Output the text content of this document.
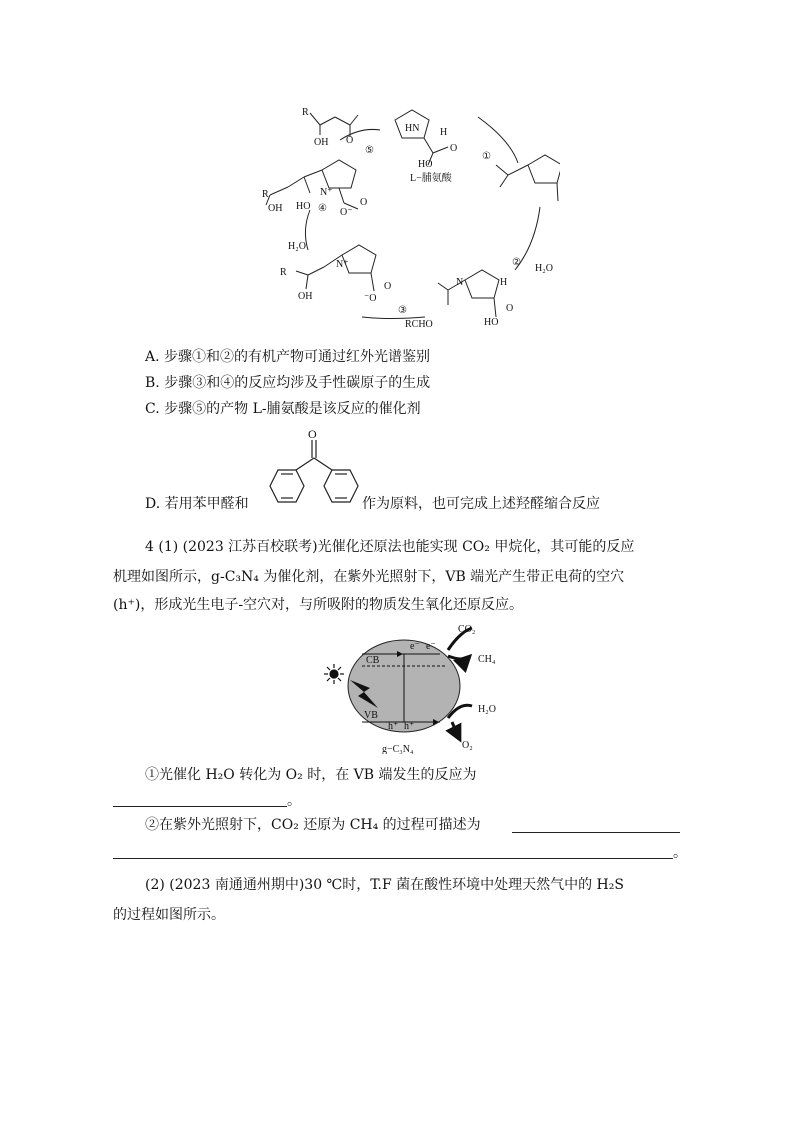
HN H
HO
O
L−脯氨酸
R
OH O
⑤
①
②
H₂O
③
RCHO
④
H₂O
R
OH HO
N⁺
O⁻
O
R
OH
N⁺
⁻O
O	N	H
HO
O
A. 步骤①和②的有机产物可通过红外光谱鉴别
B. 步骤③和④的反应均涉及手性碳原子的生成
C. 步骤⑤的产物 L-脯氨酸是该反应的催化剂
D. 若用苯甲醛和
O
作为原料，也可完成上述羟醛缩合反应
4 (1) (2023 江苏百校联考)光催化还原法也能实现 CO₂ 甲烷化，其可能的反应
机理如图所示，g-C₃N₄ 为催化剂，在紫外光照射下，VB 端光产生带正电荷的空穴
(h⁺)，形成光生电子-空穴对，与所吸附的物质发生氧化还原反应。
e⁻ e⁻
CB
VB
h⁺ h⁺
CO₂
CH₄
H₂O
O₂
g−C₃N₄
①光催化 H₂O 转化为 O₂ 时，在 VB 端发生的反应为
。
②在紫外光照射下，CO₂ 还原为 CH₄ 的过程可描述为
。
(2) (2023 南通通州期中)30 ℃时，T.F 菌在酸性环境中处理天然气中的 H₂S
的过程如图所示。
